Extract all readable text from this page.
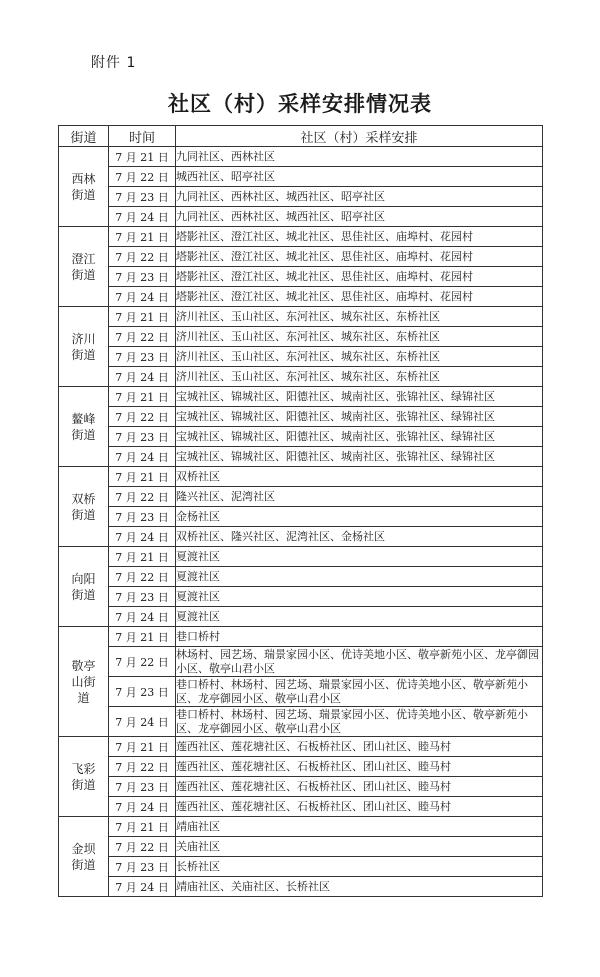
附件 1
社区（村）采样安排情况表
街道	时间	社区（村）采样安排
西林街道	7 月 21 日	九同社区、西林社区
	7 月 22 日	城西社区、昭亭社区
	7 月 23 日	九同社区、西林社区、城西社区、昭亭社区
	7 月 24 日	九同社区、西林社区、城西社区、昭亭社区
澄江街道	7 月 21 日	塔影社区、澄江社区、城北社区、思佳社区、庙埠村、花园村
	7 月 22 日	塔影社区、澄江社区、城北社区、思佳社区、庙埠村、花园村
	7 月 23 日	塔影社区、澄江社区、城北社区、思佳社区、庙埠村、花园村
	7 月 24 日	塔影社区、澄江社区、城北社区、思佳社区、庙埠村、花园村
济川街道	7 月 21 日	济川社区、玉山社区、东河社区、城东社区、东桥社区
	7 月 22 日	济川社区、玉山社区、东河社区、城东社区、东桥社区
	7 月 23 日	济川社区、玉山社区、东河社区、城东社区、东桥社区
	7 月 24 日	济川社区、玉山社区、东河社区、城东社区、东桥社区
鳌峰街道	7 月 21 日	宝城社区、锦城社区、阳德社区、城南社区、张锦社区、绿锦社区
	7 月 22 日	宝城社区、锦城社区、阳德社区、城南社区、张锦社区、绿锦社区
	7 月 23 日	宝城社区、锦城社区、阳德社区、城南社区、张锦社区、绿锦社区
	7 月 24 日	宝城社区、锦城社区、阳德社区、城南社区、张锦社区、绿锦社区
双桥街道	7 月 21 日	双桥社区
	7 月 22 日	隆兴社区、泥湾社区
	7 月 23 日	金杨社区
	7 月 24 日	双桥社区、隆兴社区、泥湾社区、金杨社区
向阳街道	7 月 21 日	夏渡社区
	7 月 22 日	夏渡社区
	7 月 23 日	夏渡社区
	7 月 24 日	夏渡社区
敬亭山街道	7 月 21 日	巷口桥村
	7 月 22 日	林场村、园艺场、瑞景家园小区、优诗美地小区、敬亭新苑小区、龙亭御园小区、敬亭山君小区
	7 月 23 日	巷口桥村、林场村、园艺场、瑞景家园小区、优诗美地小区、敬亭新苑小区、龙亭御园小区、敬亭山君小区
	7 月 24 日	巷口桥村、林场村、园艺场、瑞景家园小区、优诗美地小区、敬亭新苑小区、龙亭御园小区、敬亭山君小区
飞彩街道	7 月 21 日	莲西社区、莲花塘社区、石板桥社区、团山社区、睦马村
	7 月 22 日	莲西社区、莲花塘社区、石板桥社区、团山社区、睦马村
	7 月 23 日	莲西社区、莲花塘社区、石板桥社区、团山社区、睦马村
	7 月 24 日	莲西社区、莲花塘社区、石板桥社区、团山社区、睦马村
金坝街道	7 月 21 日	靖庙社区
	7 月 22 日	关庙社区
	7 月 23 日	长桥社区
	7 月 24 日	靖庙社区、关庙社区、长桥社区
